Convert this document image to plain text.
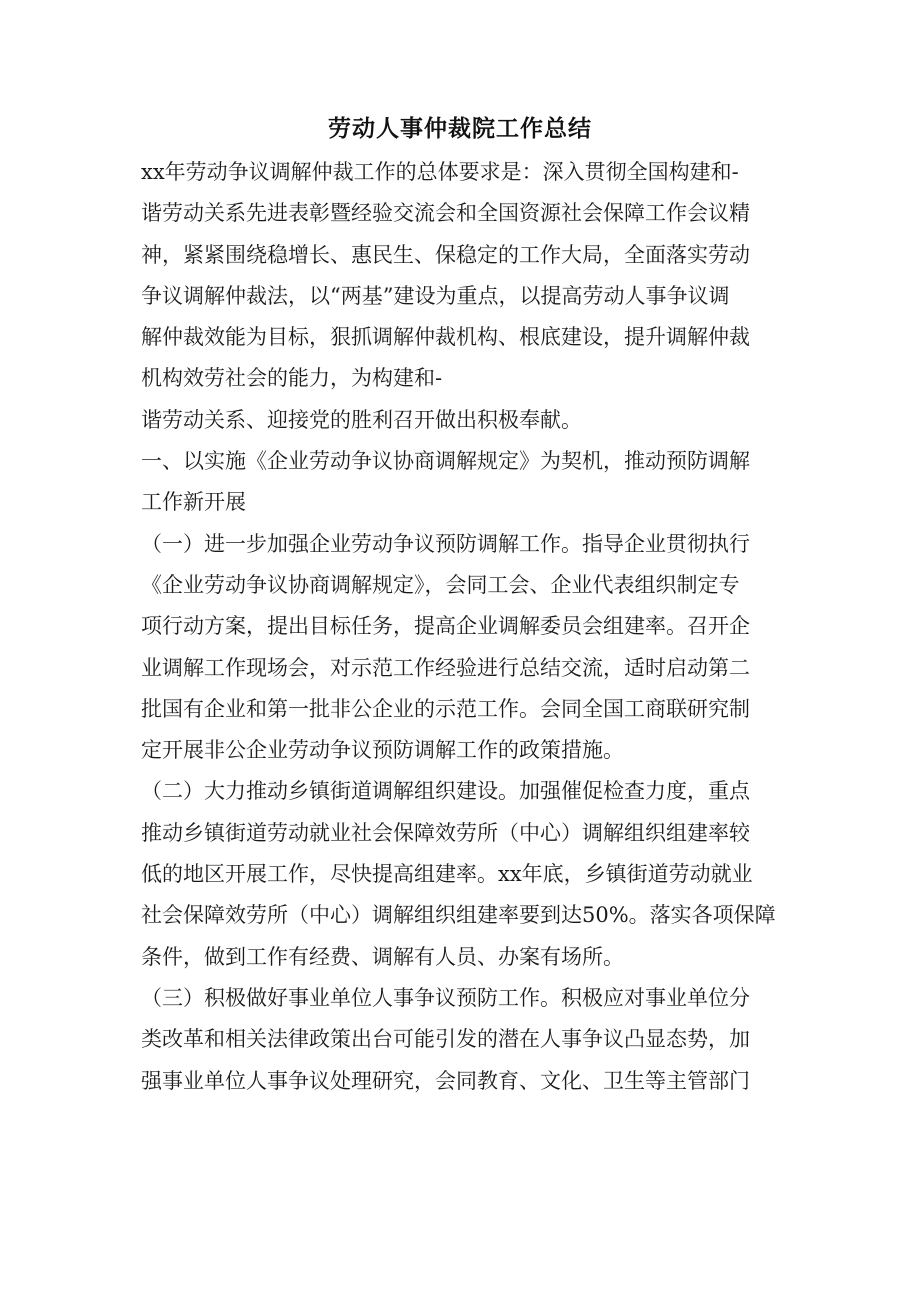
劳动人事仲裁院工作总结
xx年劳动争议调解仲裁工作的总体要求是：深入贯彻全国构建和-
谐劳动关系先进表彰暨经验交流会和全国资源社会保障工作会议精
神，紧紧围绕稳增长、惠民生、保稳定的工作大局，全面落实劳动
争议调解仲裁法，以“两基”建设为重点，以提高劳动人事争议调
解仲裁效能为目标，狠抓调解仲裁机构、根底建设，提升调解仲裁
机构效劳社会的能力，为构建和-
谐劳动关系、迎接党的胜利召开做出积极奉献。
一、以实施《企业劳动争议协商调解规定》为契机，推动预防调解
工作新开展
（一）进一步加强企业劳动争议预防调解工作。指导企业贯彻执行
《企业劳动争议协商调解规定》，会同工会、企业代表组织制定专
项行动方案，提出目标任务，提高企业调解委员会组建率。召开企
业调解工作现场会，对示范工作经验进行总结交流，适时启动第二
批国有企业和第一批非公企业的示范工作。会同全国工商联研究制
定开展非公企业劳动争议预防调解工作的政策措施。
（二）大力推动乡镇街道调解组织建设。加强催促检查力度，重点
推动乡镇街道劳动就业社会保障效劳所（中心）调解组织组建率较
低的地区开展工作，尽快提高组建率。xx年底，乡镇街道劳动就业
社会保障效劳所（中心）调解组织组建率要到达50%。落实各项保障
条件，做到工作有经费、调解有人员、办案有场所。
（三）积极做好事业单位人事争议预防工作。积极应对事业单位分
类改革和相关法律政策出台可能引发的潜在人事争议凸显态势，加
强事业单位人事争议处理研究，会同教育、文化、卫生等主管部门
